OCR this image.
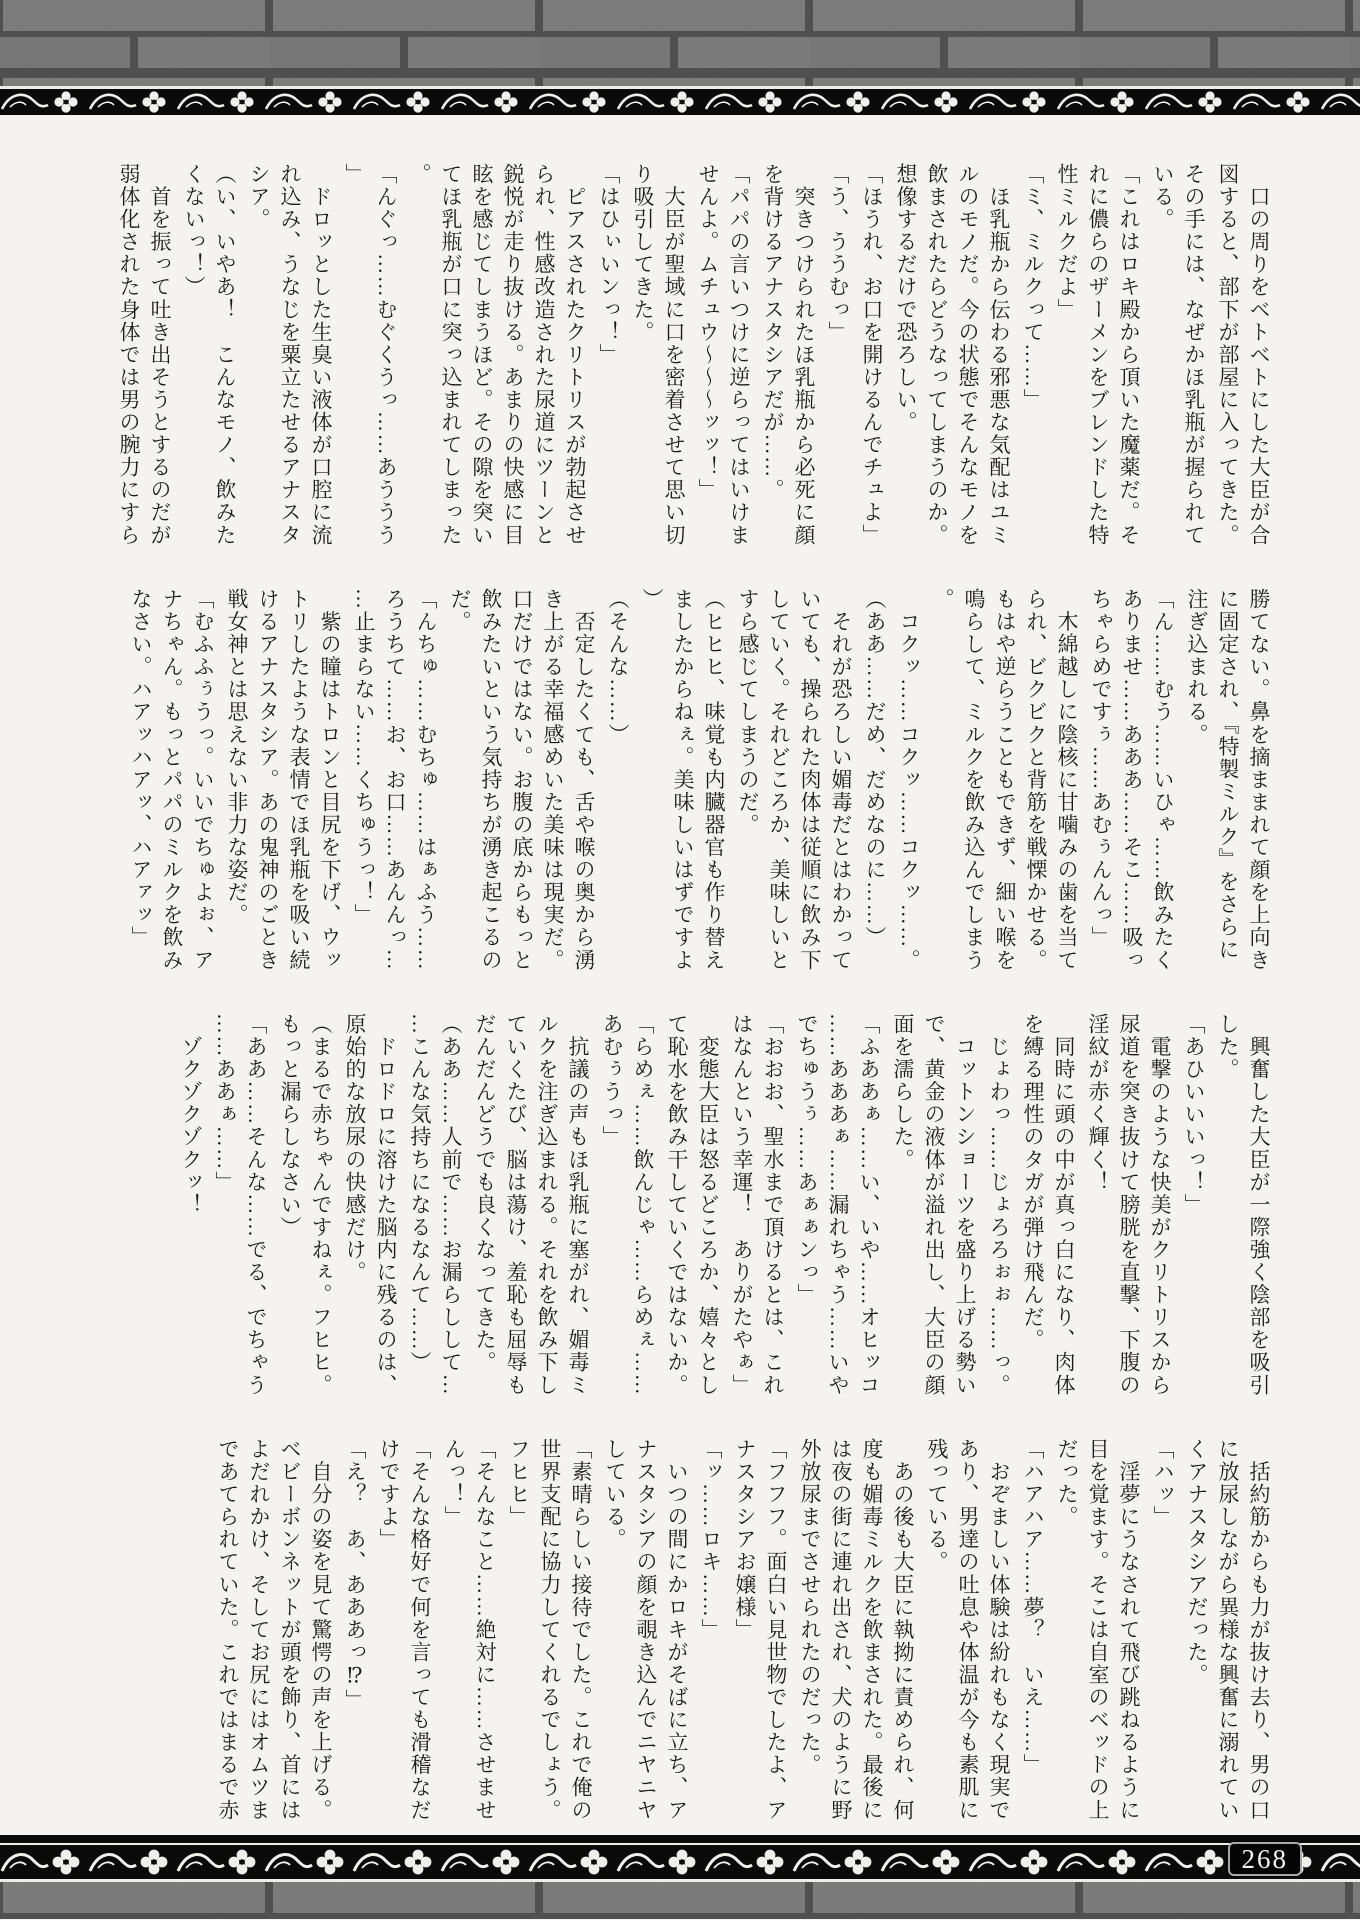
　口の周りをベトベトにした大臣が合図すると、部下が部屋に入ってきた。

その手には、なぜかほ乳瓶が握られている。

「これはロキ殿から頂いた魔薬だ。それに儂らのザーメンをブレンドした特性ミルクだよ」

「ミ、ミルクって……」

　ほ乳瓶から伝わる邪悪な気配はユミルのモノだ。今の状態でそんなモノを飲まされたらどうなってしまうのか。想像するだけで恐ろしい。

「ほうれ、お口を開けるんでチュよ」

「う、ううむっ」

　突きつけられたほ乳瓶から必死に顔を背けるアナスタシアだが……。

「パパの言いつけに逆らってはいけませんよ。ムチュウ〜〜〜ッッ！」

　大臣が聖域に口を密着させて思い切り吸引してきた。

「はひぃいンっ！」

　ピアスされたクリトリスが勃起させられ、性感改造された尿道にツーンと鋭悦が走り抜ける。あまりの快感に目眩を感じてしまうほど。その隙を突いてほ乳瓶が口に突っ込まれてしまった。

「んぐっ……むぐくうっ……あううう」

　ドロッとした生臭い液体が口腔に流れ込み、うなじを粟立たせるアナスタシア。

（い、いやあ！　こんなモノ、飲みたくないっ！）

　首を振って吐き出そうとするのだが弱体化された身体では男の腕力にすら

勝てない。鼻を摘ままれて顔を上向きに固定され、『特製ミルク』をさらに注ぎ込まれる。

「ん……むう……いひゃ……飲みたくありませ……あああ……そこ……吸っちゃらめですぅ……あむぅんんっ」

　木綿越しに陰核に甘噛みの歯を当てられ、ビクビクと背筋を戦慄かせる。もはや逆らうこともできず、細い喉を鳴らして、ミルクを飲み込んでしまう。

　コクッ……コクッ……コクッ……。

（ああ……だめ、だめなのに……）

　それが恐ろしい媚毒だとはわかっていても、操られた肉体は従順に飲み下していく。それどころか、美味しいとすら感じてしまうのだ。

（ヒヒヒ、味覚も内臓器官も作り替えましたからねぇ。美味しいはずですよ）

（そんな……）

　否定したくても、舌や喉の奥から湧き上がる幸福感めいた美味は現実だ。口だけではない。お腹の底からもっと飲みたいという気持ちが湧き起こるのだ。

「んちゅ……むちゅ……はぁふう……ろうちて……お、お口……あんんっ……止まらない……くちゅうっ！」

　紫の瞳はトロンと目尻を下げ、ウットリしたような表情でほ乳瓶を吸い続けるアナスタシア。あの鬼神のごとき戦女神とは思えない非力な姿だ。

「むふふぅうっ。いいでちゅよぉ、アナちゃん。もっとパパのミルクを飲みなさい。ハアッハアッ、ハアァッ」

　興奮した大臣が一際強く陰部を吸引した。

「あひいいいっ！」

　電撃のような快美がクリトリスから尿道を突き抜けて膀胱を直撃、下腹の淫紋が赤く輝く！

　同時に頭の中が真っ白になり、肉体を縛る理性のタガが弾け飛んだ。

　じょわっ……じょろろぉぉ……っ。

　コットンショーツを盛り上げる勢いで、黄金の液体が溢れ出し、大臣の顔面を濡らした。

「ふああぁ……い、いや……オヒッコ……あああぁ……漏れちゃう……いやでちゅうぅ……あぁぁンっ」

「おおお、聖水まで頂けるとは、これはなんという幸運！　ありがたやぁ」

　変態大臣は怒るどころか、嬉々として恥水を飲み干していくではないか。

「らめぇ……飲んじゃ……らめぇ……あむぅうっ」

　抗議の声もほ乳瓶に塞がれ、媚毒ミルクを注ぎ込まれる。それを飲み下していくたび、脳は蕩け、羞恥も屈辱もだんだんどうでも良くなってきた。

（ああ……人前で……お漏らしして……こんな気持ちになるなんて……）

　ドロドロに溶けた脳内に残るのは、原始的な放尿の快感だけ。

（まるで赤ちゃんですねぇ。フヒヒ。もっと漏らしなさい）

「ああ……そんな……でる、でちゃう……ああぁ……」

　ゾクゾクゾクッ！

　括約筋からも力が抜け去り、男の口に放尿しながら異様な興奮に溺れていくアナスタシアだった。

「ハッ」

　淫夢にうなされて飛び跳ねるように目を覚ます。そこは自室のベッドの上だった。

「ハアハア……夢？　いえ……」

　おぞましい体験は紛れもなく現実であり、男達の吐息や体温が今も素肌に残っている。

　あの後も大臣に執拗に責められ、何度も媚毒ミルクを飲まされた。最後には夜の街に連れ出され、犬のように野外放尿までさせられたのだった。

「フフフ。面白い見世物でしたよ、アナスタシアお嬢様」

「ッ……ロキ……」

　いつの間にかロキがそばに立ち、アナスタシアの顔を覗き込んでニヤニヤしている。

「素晴らしい接待でした。これで俺の世界支配に協力してくれるでしょう。フヒヒ」

「そんなこと……絶対に……させませんっ！」

「そんな格好で何を言っても滑稽なだけですよ」

「え？　あ、あああっ⁉」

　自分の姿を見て驚愕の声を上げる。ベビーボンネットが頭を飾り、首にはよだれかけ、そしてお尻にはオムツまであてられていた。これではまるで赤

268
